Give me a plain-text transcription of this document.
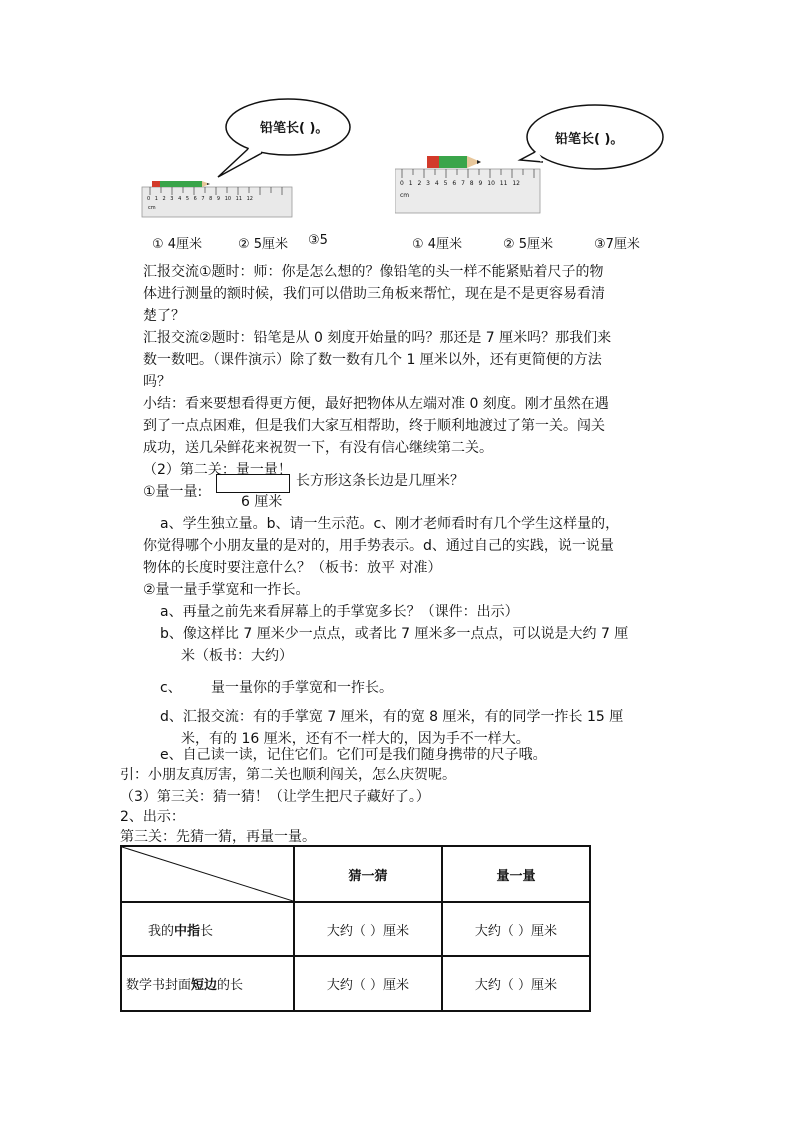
铅笔长( )。
0 1 2 3 4 5 6 7 8 9 10 11 12
cm
① 4厘米	② 5厘米 ③5
铅笔长( )。
0 1 2 3 4 5 6 7 8 9 10 11 12
cm
① 4厘米	② 5厘米	③7厘米
汇报交流①题时：师：你是怎么想的？像铅笔的头一样不能紧贴着尺子的物
体进行测量的额时候，我们可以借助三角板来帮忙，现在是不是更容易看清
楚了？
汇报交流②题时：铅笔是从 0 刻度开始量的吗？那还是 7 厘米吗？那我们来
数一数吧。（课件演示）除了数一数有几个 1 厘米以外，还有更简便的方法
吗？
小结：看来要想看得更方便，最好把物体从左端对准 0 刻度。刚才虽然在遇
到了一点点困难，但是我们大家互相帮助，终于顺利地渡过了第一关。闯关
成功，送几朵鲜花来祝贺一下，有没有信心继续第二关。
（2）第二关：量一量！
①量一量:
长方形这条长边是几厘米？
6 厘米
a、学生独立量。b、请一生示范。c、刚才老师看时有几个学生这样量的，
你觉得哪个小朋友量的是对的，用手势表示。d、通过自己的实践，说一说量
物体的长度时要注意什么？（板书：放平 对准）
②量一量手掌宽和一拃长。
a、再量之前先来看屏幕上的手掌宽多长？（课件：出示）
b、像这样比 7 厘米少一点点，或者比 7 厘米多一点点，可以说是大约 7 厘
米（板书：大约）
c、 量一量你的手掌宽和一拃长。
d、汇报交流：有的手掌宽 7 厘米，有的宽 8 厘米，有的同学一拃长 15 厘
米，有的 16 厘米，还有不一样大的，因为手不一样大。
e、自己读一读，记住它们。它们可是我们随身携带的尺子哦。
引：小朋友真厉害，第二关也顺利闯关，怎么庆贺呢。
（3）第三关：猜一猜！（让学生把尺子藏好了。）
2、出示：
第三关：先猜一猜，再量一量。
	猜一猜	量一量
我的中指长	大约（ ）厘米	大约（ ）厘米
数学书封面短边的长	大约（ ）厘米	大约（ ）厘米
